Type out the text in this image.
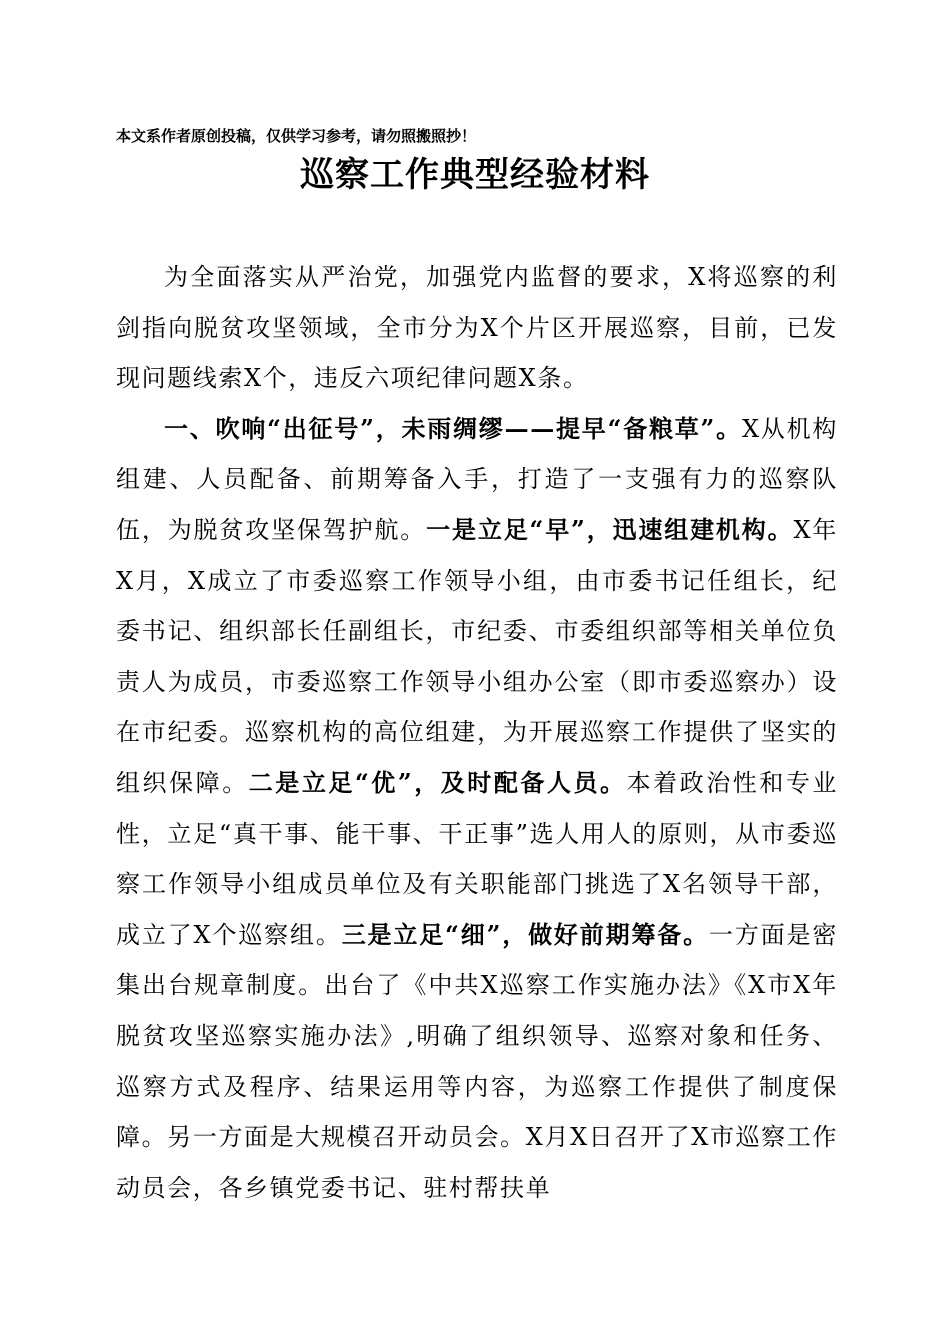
本文系作者原创投稿，仅供学习参考，请勿照搬照抄！
巡察工作典型经验材料

为全面落实从严治党，加强党内监督的要求，X将巡察的利剑指向脱贫攻坚领域，全市分为X个片区开展巡察，目前，已发现问题线索X个，违反六项纪律问题X条。

一、吹响“出征号”，未雨绸缪——提早“备粮草”。X从机构组建、人员配备、前期筹备入手，打造了一支强有力的巡察队伍，为脱贫攻坚保驾护航。一是立足“早”，迅速组建机构。X年X月，X成立了市委巡察工作领导小组，由市委书记任组长，纪委书记、组织部长任副组长，市纪委、市委组织部等相关单位负责人为成员，市委巡察工作领导小组办公室（即市委巡察办）设在市纪委。巡察机构的高位组建，为开展巡察工作提供了坚实的组织保障。二是立足“优”，及时配备人员。本着政治性和专业性，立足“真干事、能干事、干正事”选人用人的原则，从市委巡察工作领导小组成员单位及有关职能部门挑选了X名领导干部，成立了X个巡察组。三是立足“细”，做好前期筹备。一方面是密集出台规章制度。出台了《中共X巡察工作实施办法》《X市X年脱贫攻坚巡察实施办法》,明确了组织领导、巡察对象和任务、巡察方式及程序、结果运用等内容，为巡察工作提供了制度保障。另一方面是大规模召开动员会。X月X日召开了X市巡察工作动员会，各乡镇党委书记、驻村帮扶单
